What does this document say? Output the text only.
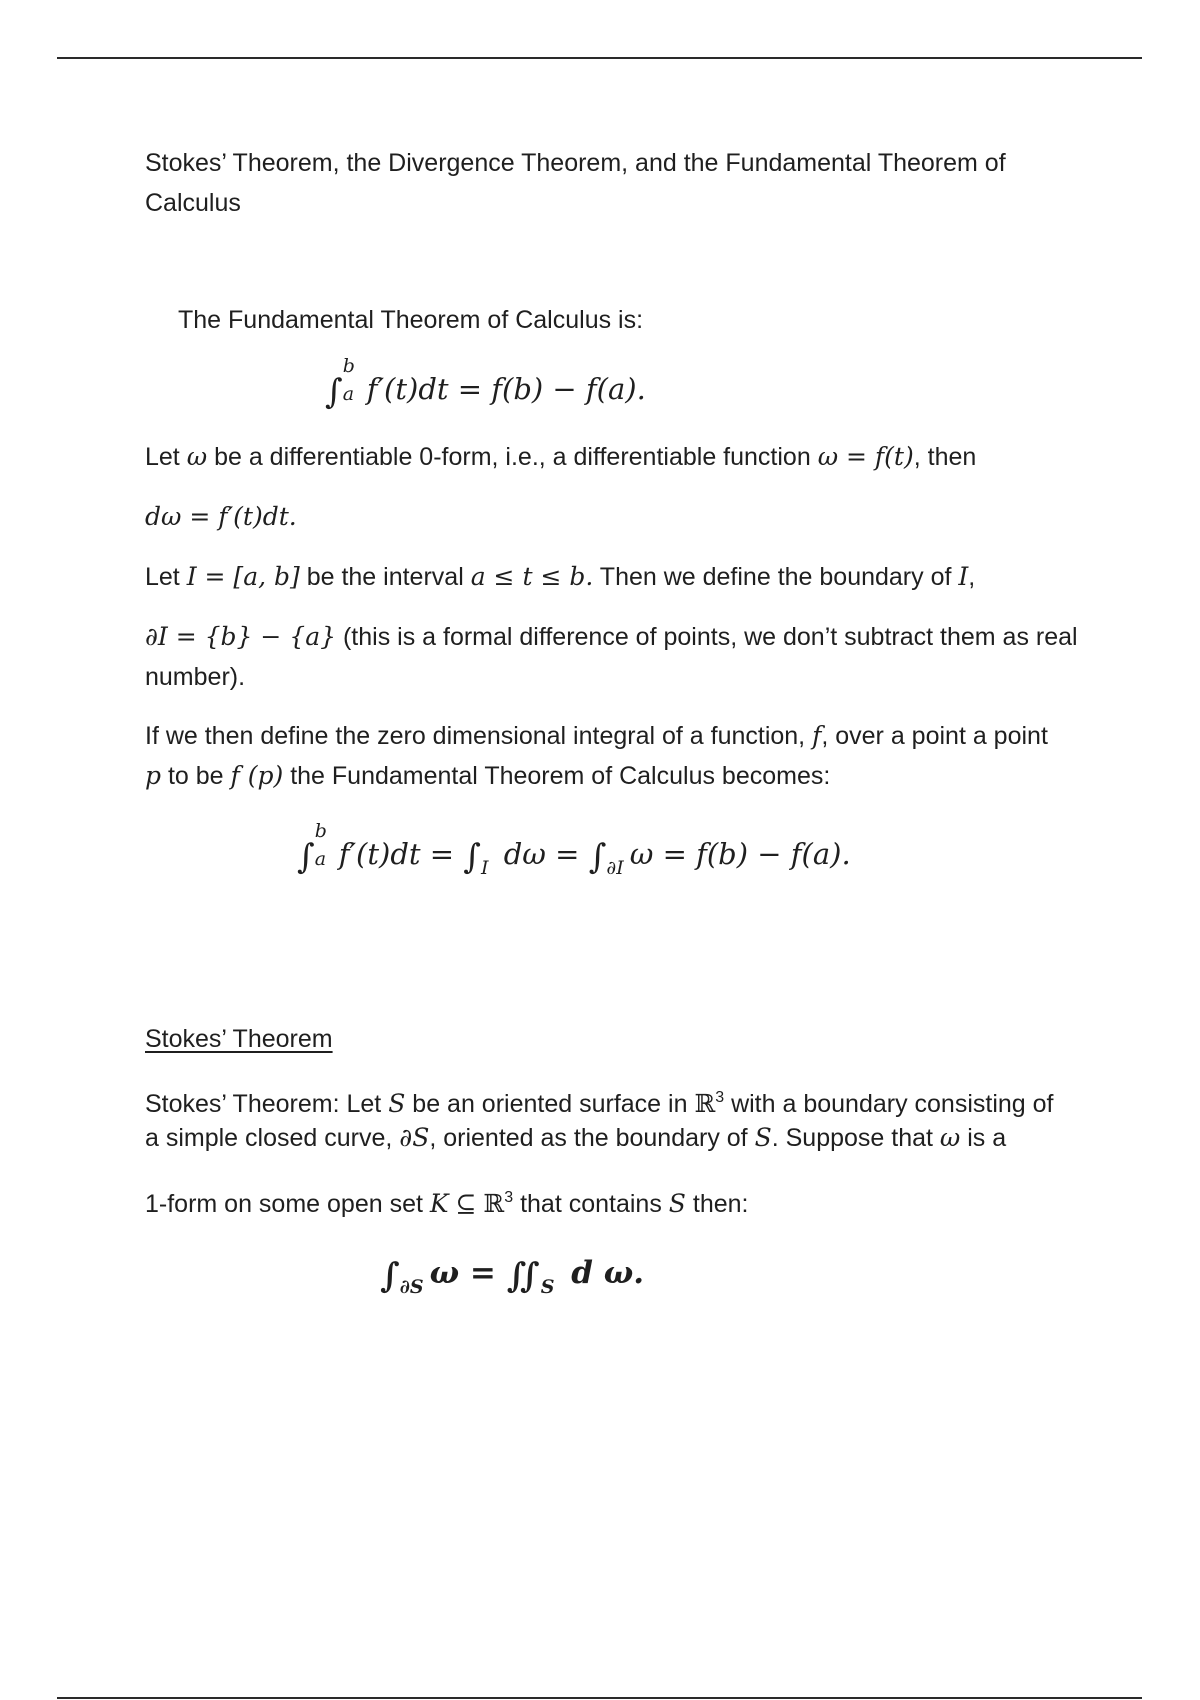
Stokes’ Theorem, the Divergence Theorem, and the Fundamental Theorem of

Calculus

The Fundamental Theorem of Calculus is:

∫
b
a f′(t)dt = f(b) − f(a).

Let ω be a differentiable 0-form, i.e., a differentiable function ω = f(t), then

dω = f′(t)dt.

Let I = [a, b] be the interval a ≤ t ≤ b. Then we define the boundary of I,

∂I = {b} − {a} (this is a formal difference of points, we don’t subtract them as real

number).

If we then define the zero dimensional integral of a function, f, over a point a point

p to be f (p) the Fundamental Theorem of Calculus becomes:

∫
b
a $f'(t)dt = \int_I$ $d\omega = \int_{\partial I}$ ω = f(b) − f(a).

Stokes’ Theorem

Stokes’ Theorem: Let S be an oriented surface in ℝ$^3$ with a boundary consisting of

a simple closed curve, ∂S, oriented as the boundary of S. Suppose that ω is a

1-form on some open set K ⊆ ℝ$^3$ that contains S then:

$\int_{\partial S}$ $\omega = ∬_S$ d ω.
